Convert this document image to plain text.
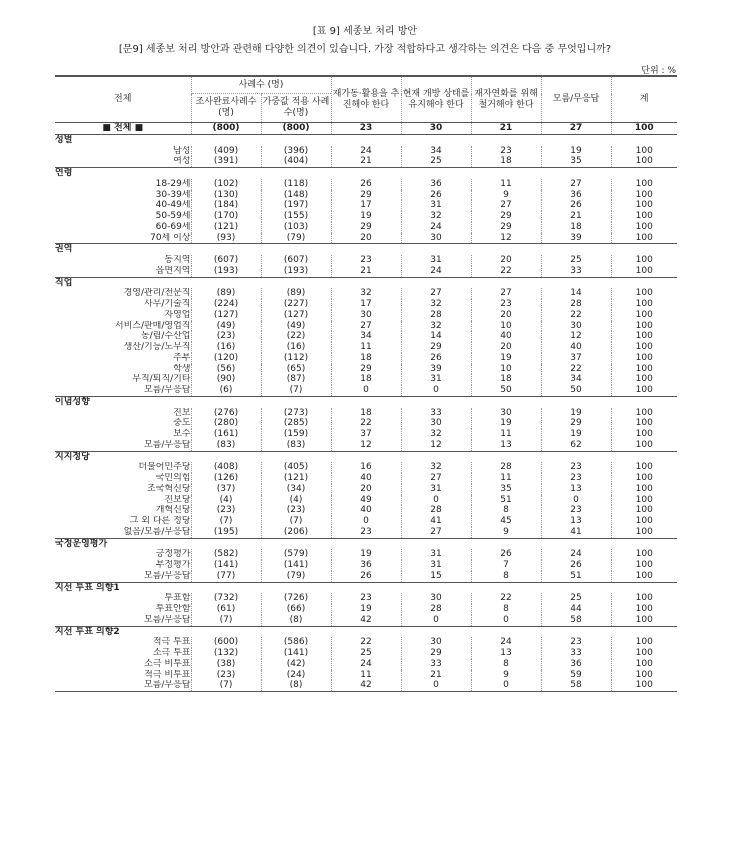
[표 9] 세종보 처리 방안
[문9] 세종보 처리 방안과 관련해 다양한 의견이 있습니다. 가장 적합하다고 생각하는 의견은 다음 중 무엇입니까?
단위 : %
전체	사례수 (명)		재가동·활용을 추진해야 한다	현재 개방 상태를 유지해야 한다	재자연화를 위해 철거해야 한다	모름/무응답	계
	조사완료사례수(명)	가중값 적용 사례수(명)					
■ 전체 ■	(800)	(800)	23	30	21	27	100
성별							
남성	(409)	(396)	24	34	23	19	100
여성	(391)	(404)	21	25	18	35	100
연령							
18-29세	(102)	(118)	26	36	11	27	100
30-39세	(130)	(148)	29	26	9	36	100
40-49세	(184)	(197)	17	31	27	26	100
50-59세	(170)	(155)	19	32	29	21	100
60-69세	(121)	(103)	29	24	29	18	100
70세 이상	(93)	(79)	20	30	12	39	100
권역							
동지역	(607)	(607)	23	31	20	25	100
읍면지역	(193)	(193)	21	24	22	33	100
직업							
경영/관리/전문직	(89)	(89)	32	27	27	14	100
사무/기술직	(224)	(227)	17	32	23	28	100
자영업	(127)	(127)	30	28	20	22	100
서비스/판매/영업직	(49)	(49)	27	32	10	30	100
농/림/수산업	(23)	(22)	34	14	40	12	100
생산/기능/노무직	(16)	(16)	11	29	20	40	100
주부	(120)	(112)	18	26	19	37	100
학생	(56)	(65)	29	39	10	22	100
무직/퇴직/기타	(90)	(87)	18	31	18	34	100
모름/무응답	(6)	(7)	0	0	50	50	100
이념성향							
진보	(276)	(273)	18	33	30	19	100
중도	(280)	(285)	22	30	19	29	100
보수	(161)	(159)	37	32	11	19	100
모름/무응답	(83)	(83)	12	12	13	62	100
지지정당							
더불어민주당	(408)	(405)	16	32	28	23	100
국민의힘	(126)	(121)	40	27	11	23	100
조국혁신당	(37)	(34)	20	31	35	13	100
진보당	(4)	(4)	49	0	51	0	100
개혁신당	(23)	(23)	40	28	8	23	100
그 외 다른 정당	(7)	(7)	0	41	45	13	100
없음/모름/무응답	(195)	(206)	23	27	9	41	100
국정운영평가							
긍정평가	(582)	(579)	19	31	26	24	100
부정평가	(141)	(141)	36	31	7	26	100
모름/무응답	(77)	(79)	26	15	8	51	100
지선 투표 의향1							
투표함	(732)	(726)	23	30	22	25	100
투표안함	(61)	(66)	19	28	8	44	100
모름/무응답	(7)	(8)	42	0	0	58	100
지선 투표 의향2							
적극 투표	(600)	(586)	22	30	24	23	100
소극 투표	(132)	(141)	25	29	13	33	100
소극 비투표	(38)	(42)	24	33	8	36	100
적극 비투표	(23)	(24)	11	21	9	59	100
모름/무응답	(7)	(8)	42	0	0	58	100
